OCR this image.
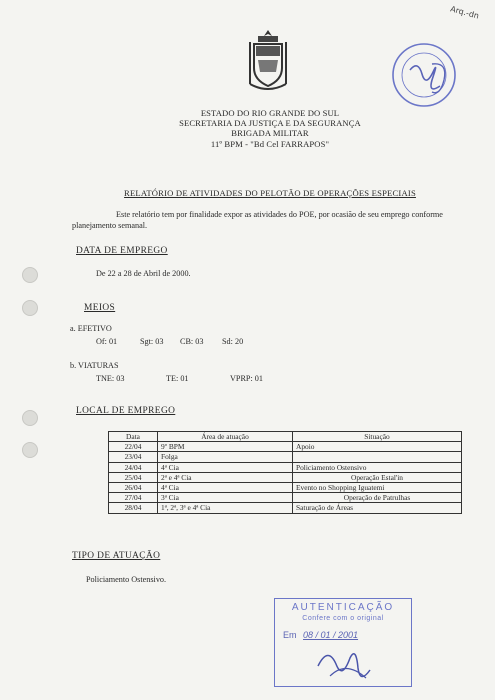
Arq.-dn
ESTADO DO RIO GRANDE DO SUL
SECRETARIA DA JUSTIÇA E DA SEGURANÇA
BRIGADA MILITAR
11º BPM - "Bd Cel FARRAPOS"
RELATÓRIO DE ATIVIDADES DO PELOTÃO DE OPERAÇÕES ESPECIAIS
Este relatório tem por finalidade expor as atividades do POE, por ocasião de seu emprego conforme planejamento semanal.
DATA DE EMPREGO
De 22 a 28 de Abril de 2000.
MEIOS
a. EFETIVO
Of: 01	Sgt: 03 CB: 03 Sd: 20
b. VIATURAS
TNE: 03	TE: 01	VPRP: 01
LOCAL DE EMPREGO
Data	Área de atuação	Situação
22/04	9º BPM	Apoio
23/04	Folga	
24/04	4ª Cia	Policiamento Ostensivo
25/04	2ª e 4ª Cia	Operação Estal'in
26/04	4ª Cia	Evento no Shopping Iguatemi
27/04	3ª Cia	Operação de Patrulhas
28/04	1ª, 2ª, 3ª e 4ª Cia	Saturação de Áreas
TIPO DE ATUAÇÃO
Policiamento Ostensivo.
AUTENTICAÇÃO
Confere com o original
Em 08 / 01 / 2001
